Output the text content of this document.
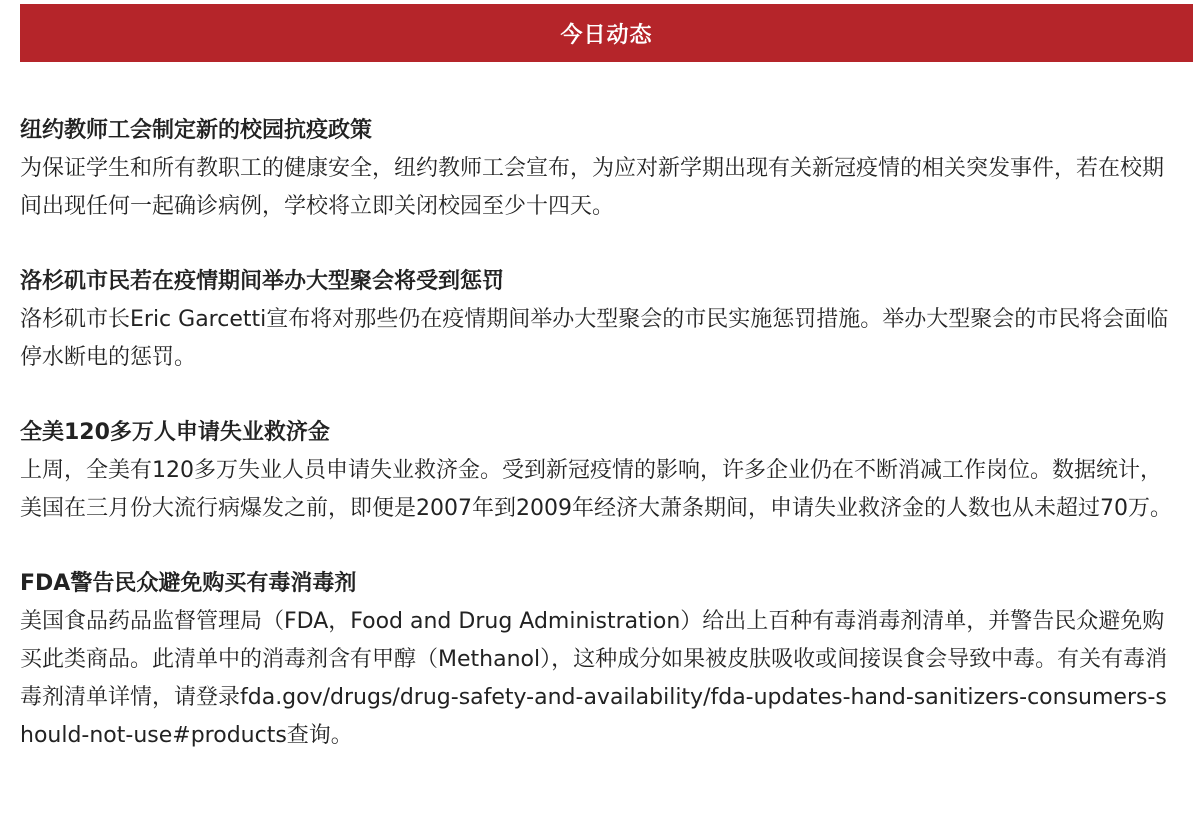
今日动态

纽约教师工会制定新的校园抗疫政策

为保证学生和所有教职工的健康安全，纽约教师工会宣布，为应对新学期出现有关新冠疫情的相关突发事件，若在校期间出现任何一起确诊病例，学校将立即关闭校园至少十四天。

洛杉矶市民若在疫情期间举办大型聚会将受到惩罚

洛杉矶市长Eric Garcetti宣布将对那些仍在疫情期间举办大型聚会的市民实施惩罚措施。举办大型聚会的市民将会面临停水断电的惩罚。

全美120多万人申请失业救济金

上周，全美有120多万失业人员申请失业救济金。受到新冠疫情的影响，许多企业仍在不断消减工作岗位。数据统计，美国在三月份大流行病爆发之前，即便是2007年到2009年经济大萧条期间，申请失业救济金的人数也从未超过70万。

FDA警告民众避免购买有毒消毒剂

美国食品药品监督管理局（FDA，Food and Drug Administration）给出上百种有毒消毒剂清单，并警告民众避免购买此类商品。此清单中的消毒剂含有甲醇（Methanol），这种成分如果被皮肤吸收或间接误食会导致中毒。有关有毒消毒剂清单详情，请登录fda.gov/drugs/drug-safety-and-availability/fda-updates-hand-sanitizers-consumers-should-not-use#products查询。
